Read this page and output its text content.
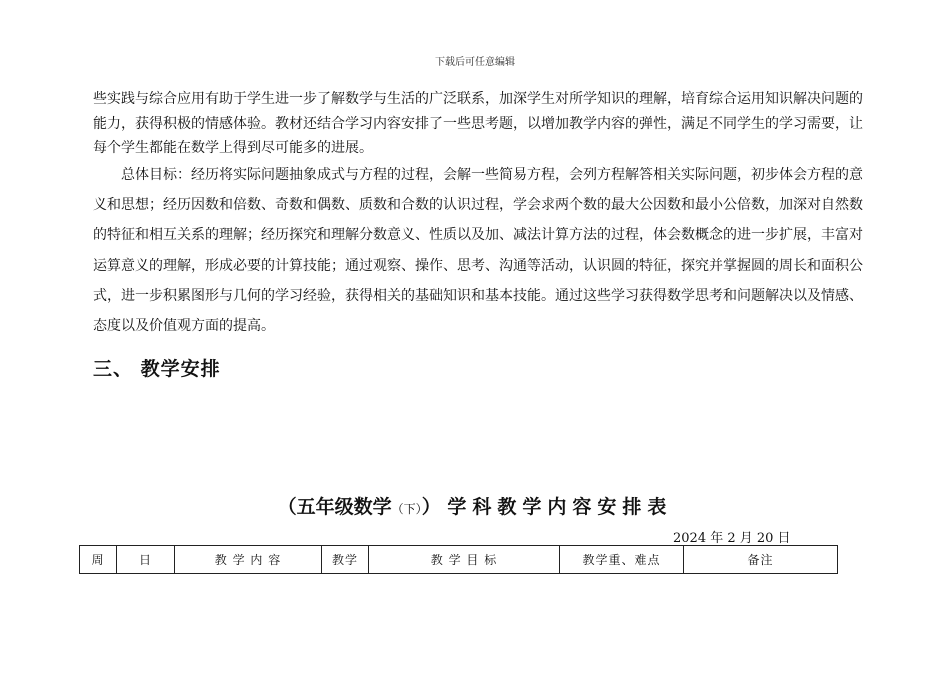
下载后可任意编辑

些实践与综合应用有助于学生进一步了解数学与生活的广泛联系，加深学生对所学知识的理解，培育综合运用知识解决问题的能力，获得积极的情感体验。教材还结合学习内容安排了一些思考题，以增加教学内容的弹性，满足不同学生的学习需要，让每个学生都能在数学上得到尽可能多的进展。

总体目标：经历将实际问题抽象成式与方程的过程，会解一些简易方程，会列方程解答相关实际问题，初步体会方程的意义和思想；经历因数和倍数、奇数和偶数、质数和合数的认识过程，学会求两个数的最大公因数和最小公倍数，加深对自然数的特征和相互关系的理解；经历探究和理解分数意义、性质以及加、减法计算方法的过程，体会数概念的进一步扩展，丰富对运算意义的理解，形成必要的计算技能；通过观察、操作、思考、沟通等活动，认识圆的特征，探究并掌握圆的周长和面积公式，进一步积累图形与几何的学习经验，获得相关的基础知识和基本技能。通过这些学习获得数学思考和问题解决以及情感、态度以及价值观方面的提高。

三、 教学安排
（五年级数学（下）） 学科教学内容安排表
2024 年 2 月 20 日
周	日	教 学 内 容	教学	教 学 目 标	教学重、难点	备注
